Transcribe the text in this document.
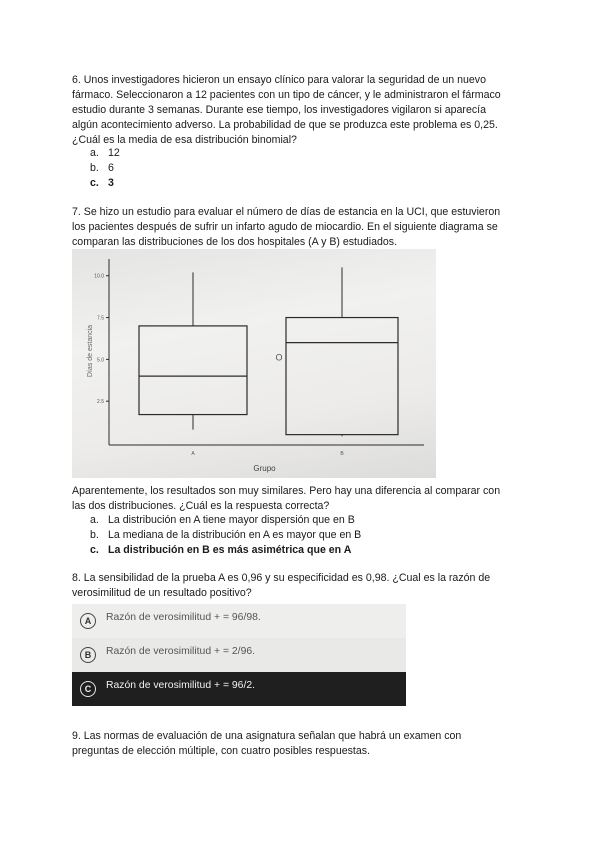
6. Unos investigadores hicieron un ensayo clínico para valorar la seguridad de un nuevo
fármaco. Seleccionaron a 12 pacientes con un tipo de cáncer, y le administraron el fármaco
estudio durante 3 semanas. Durante ese tiempo, los investigadores vigilaron si aparecía
algún acontecimiento adverso. La probabilidad de que se produzca este problema es 0,25.
¿Cuál es la media de esa distribución binomial?

a. 12
b. 6
c. 3

7. Se hizo un estudio para evaluar el número de días de estancia en la UCI, que estuvieron
los pacientes después de sufrir un infarto agudo de miocardio. En el siguiente diagrama se
comparan las distribuciones de los dos hospitales (A y B) estudiados.

2.5
5.0
7.5
10.0
Días de estancia
Grupo
A	B
O

Aparentemente, los resultados son muy similares. Pero hay una diferencia al comparar con
las dos distribuciones. ¿Cuál es la respuesta correcta?

a. La distribución en A tiene mayor dispersión que en B
b. La mediana de la distribución en A es mayor que en B
c. La distribución en B es más asimétrica que en A

8. La sensibilidad de la prueba A es 0,96 y su especificidad es 0,98. ¿Cual es la razón de
verosimilitud de un resultado positivo?

A	Razón de verosimilitud + = 96/98.
B	Razón de verosimilitud + = 2/96.
C	Razón de verosimilitud + = 96/2.

9. Las normas de evaluación de una asignatura señalan que habrá un examen con
preguntas de elección múltiple, con cuatro posibles respuestas.
